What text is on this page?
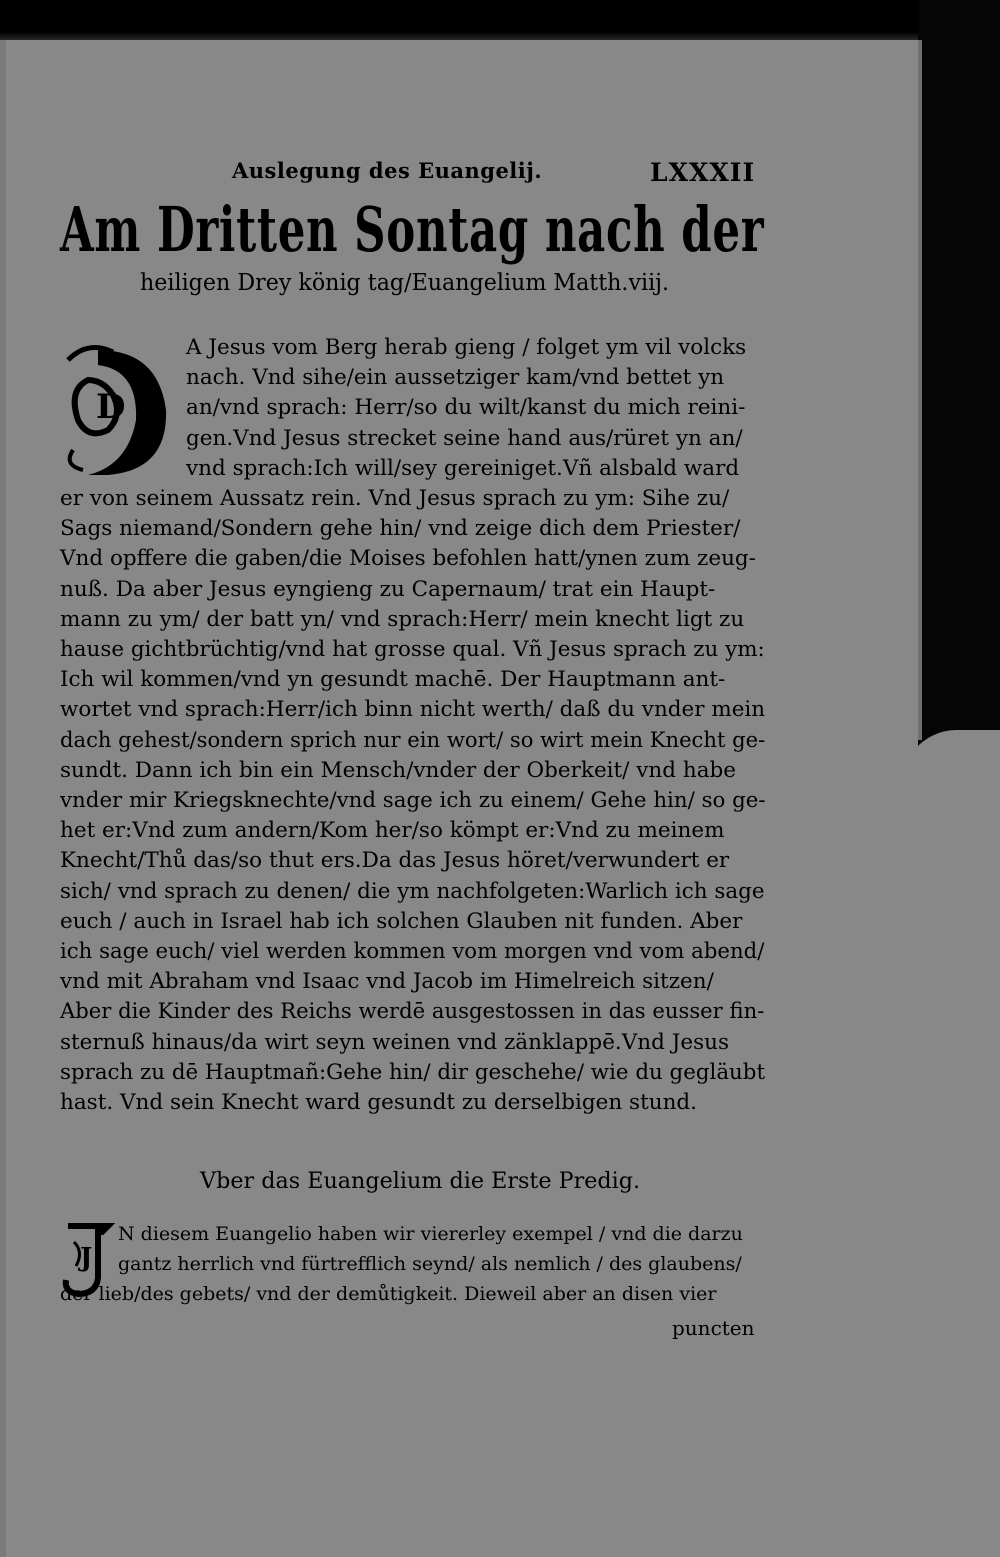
Auslegung des Euangelij.	LXXXII
Am Dritten Sontag nach der
heiligen Drey könig tag/Euangelium Matth.viij.
D
A Jesus vom Berg herab gieng / folget ym vil volcks
nach. Vnd sihe/ein aussetziger kam/vnd bettet yn
an/vnd sprach: Herr/so du wilt/kanst du mich reini-
gen.Vnd Jesus strecket seine hand aus/rüret yn an/
vnd sprach:Ich will/sey gereiniget.Vñ alsbald ward
er von seinem Aussatz rein. Vnd Jesus sprach zu ym: Sihe zu/
Sags niemand/Sondern gehe hin/ vnd zeige dich dem Priester/
Vnd opffere die gaben/die Moises befohlen hatt/ynen zum zeug-
nuß. Da aber Jesus eyngieng zu Capernaum/ trat ein Haupt-
mann zu ym/ der batt yn/ vnd sprach:Herr/ mein knecht ligt zu
hause gichtbrüchtig/vnd hat grosse qual. Vñ Jesus sprach zu ym:
Ich wil kommen/vnd yn gesundt machē. Der Hauptmann ant-
wortet vnd sprach:Herr/ich binn nicht werth/ daß du vnder mein
dach gehest/sondern sprich nur ein wort/ so wirt mein Knecht ge-
sundt. Dann ich bin ein Mensch/vnder der Oberkeit/ vnd habe
vnder mir Kriegsknechte/vnd sage ich zu einem/ Gehe hin/ so ge-
het er:Vnd zum andern/Kom her/so kömpt er:Vnd zu meinem
Knecht/Thů das/so thut ers.Da das Jesus höret/verwundert er
sich/ vnd sprach zu denen/ die ym nachfolgeten:Warlich ich sage
euch / auch in Israel hab ich solchen Glauben nit funden. Aber
ich sage euch/ viel werden kommen vom morgen vnd vom abend/
vnd mit Abraham vnd Isaac vnd Jacob im Himelreich sitzen/
Aber die Kinder des Reichs werdē ausgestossen in das eusser fin-
sternuß hinaus/da wirt seyn weinen vnd zänklappē.Vnd Jesus
sprach zu dē Hauptmañ:Gehe hin/ dir geschehe/ wie du gegläubt
hast. Vnd sein Knecht ward gesundt zu derselbigen stund.
Vber das Euangelium die Erste Predig.
J
N diesem Euangelio haben wir viererley exempel / vnd die darzu
gantz herrlich vnd fürtrefflich seynd/ als nemlich / des glaubens/
der lieb/des gebets/ vnd der demůtigkeit. Dieweil aber an disen vier
puncten
